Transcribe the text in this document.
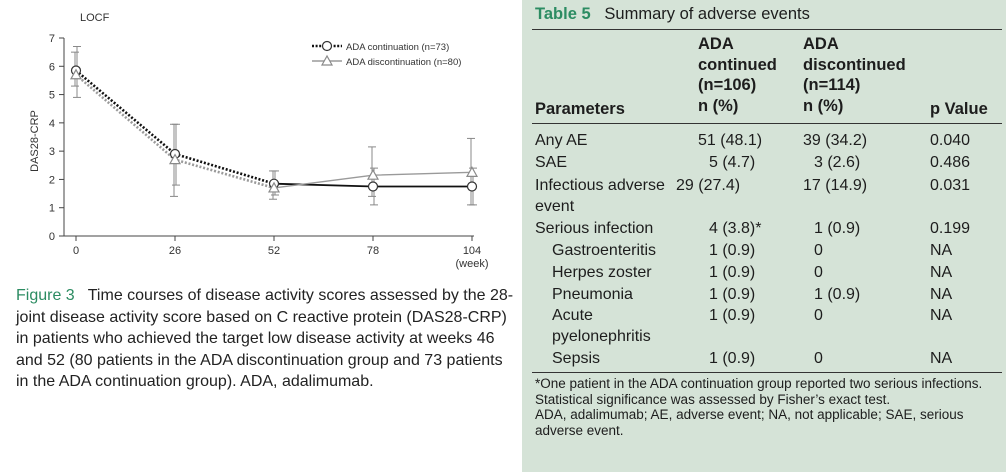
LOCF
0
1
2
3
4
5
6
7
DAS28-CRP
0	26	52	78	104
(week)
ADA continuation (n=73)
ADA discontinuation (n=80)
Figure 3 Time courses of disease activity scores assessed by the 28-joint disease activity score based on C reactive protein (DAS28-CRP) in patients who achieved the target low disease activity at weeks 46 and 52 (80 patients in the ADA discontinuation group and 73 patients in the ADA continuation group). ADA, adalimumab.
Table 5 Summary of adverse events
Parameters
ADA
continued
(n=106)
n (%)
ADA
discontinued
(n=114)
n (%)	p Value
*One patient in the ADA continuation group reported two serious infections.
Statistical significance was assessed by Fisher’s exact test.
ADA, adalimumab; AE, adverse event; NA, not applicable; SAE, serious adverse event.
Any AE	51 (48.1)	39 (34.2)	0.040
SAE	5 (4.7)	3 (2.6)	0.486
Infectious adverse
event
29 (27.4)	17 (14.9)	0.031
Serious infection	4 (3.8)*	1 (0.9)	0.199
Gastroenteritis	1 (0.9)	0	NA
Herpes zoster	1 (0.9)	0	NA
Pneumonia	1 (0.9)	1 (0.9)	NA
Acute
pyelonephritis
1 (0.9)	0	NA
Sepsis	1 (0.9)	0	NA
